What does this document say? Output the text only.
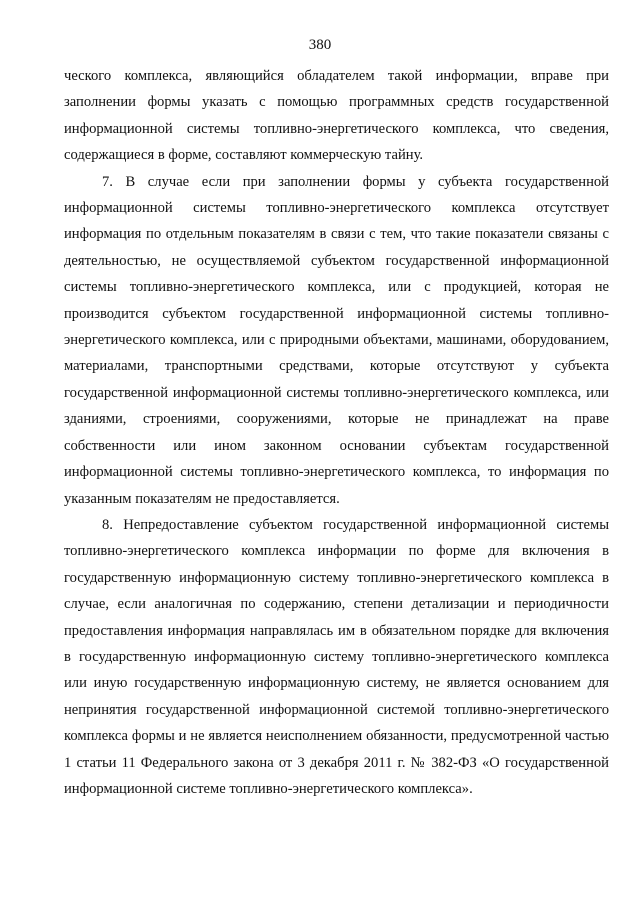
380

ческого комплекса, являющийся обладателем такой информации, вправе при заполнении формы указать с помощью программных средств государственной информационной системы топливно-энергетического комплекса, что сведения, содержащиеся в форме, составляют коммерческую тайну.

7. В случае если при заполнении формы у субъекта государственной информационной системы топливно-энергетического комплекса отсутствует информация по отдельным показателям в связи с тем, что такие показатели связаны с деятельностью, не осуществляемой субъектом государственной информационной системы топливно-энергетического комплекса, или с продукцией, которая не производится субъектом государственной информационной системы топливно-энергетического комплекса, или с природными объектами, машинами, оборудованием, материалами, транспортными средствами, которые отсутствуют у субъекта государственной информационной системы топливно-энергетического комплекса, или зданиями, строениями, сооружениями, которые не принадлежат на праве собственности или ином законном основании субъектам государственной информационной системы топливно-энергетического комплекса, то информация по указанным показателям не предоставляется.

8. Непредоставление субъектом государственной информационной системы топливно-энергетического комплекса информации по форме для включения в государственную информационную систему топливно-энергетического комплекса в случае, если аналогичная по содержанию, степени детализации и периодичности предоставления информация направлялась им в обязательном порядке для включения в государственную информационную систему топливно-энергетического комплекса или иную государственную информационную систему, не является основанием для непринятия государственной информационной системой топливно-энергетического комплекса формы и не является неисполнением обязанности, предусмотренной частью 1 статьи 11 Федерального закона от 3 декабря 2011 г. № 382-ФЗ «О государственной информационной системе топливно-энергетического комплекса».
